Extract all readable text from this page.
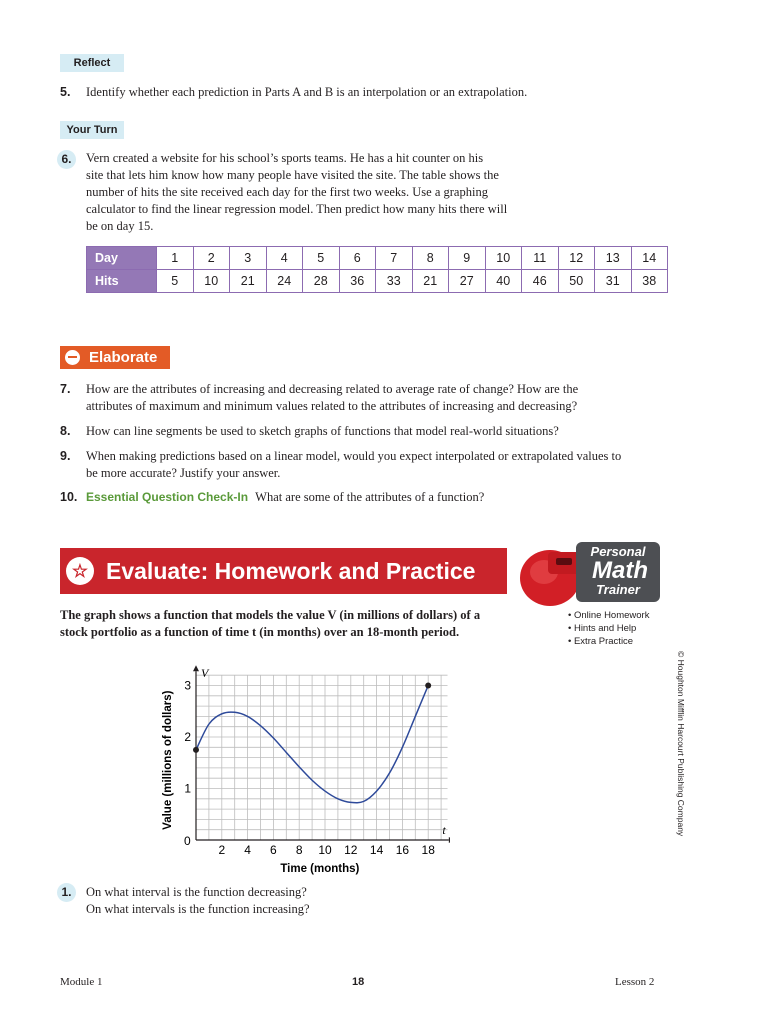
Reflect
5. Identify whether each prediction in Parts A and B is an interpolation or an extrapolation.
Your Turn
6.	Vern created a website for his school’s sports teams. He has a hit counter on his
site that lets him know how many people have visited the site. The table shows the
number of hits the site received each day for the first two weeks. Use a graphing
calculator to find the linear regression model. Then predict how many hits there will
be on day 15.
Day	1	2	3	4	5	6	7	8	9	10	11	12	13	14
Hits	5	10	21	24	28	36	33	21	27	40	46	50	31	38
Elaborate
7. How are the attributes of increasing and decreasing related to average rate of change? How are the
attributes of maximum and minimum values related to the attributes of increasing and decreasing?
8. How can line segments be used to sketch graphs of functions that model real-world situations?
9. When making predictions based on a linear model, would you expect interpolated or extrapolated values to
be more accurate? Justify your answer.
10. Essential Question Check-In What are some of the attributes of a function?
☆ Evaluate: Homework and Practice
Personal
Math
Trainer
• Online Homework
• Hints and Help
• Extra Practice
The graph shows a function that models the value V (in millions of dollars) of a
stock portfolio as a function of time t (in months) over an 18-month period.
2 4 6 8 10 12 14 16 18
1
2
3
t
V
0
Time (months)
Value (millions of dollars)
1.	On what interval is the function decreasing?
On what intervals is the function increasing?
© Houghton Mifflin Harcourt Publishing Company
Module 1	18	Lesson 2
